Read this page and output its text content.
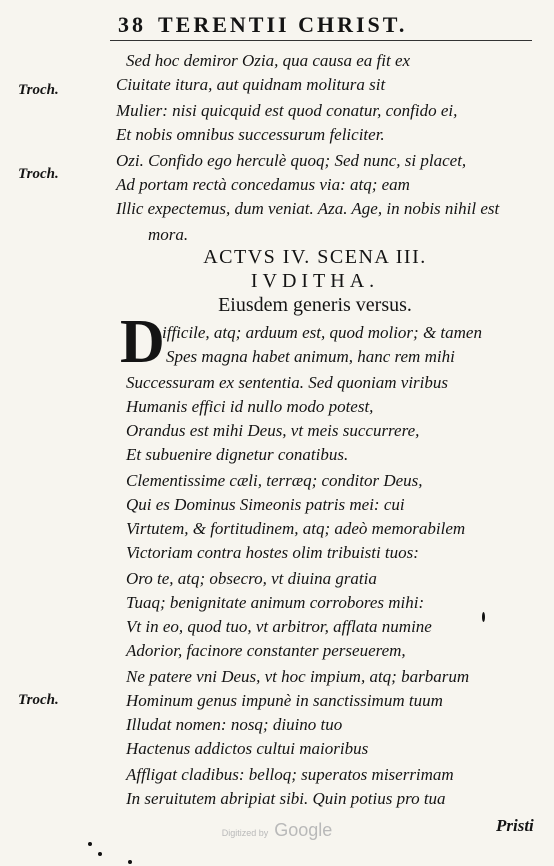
38 TERENTII CHRIST.
Troch.
Troch.
Troch.
Sed hoc demiror Ozia, qua causa ea fit ex
Ciuitate itura, aut quidnam molitura sit
Mulier: nisi quicquid est quod conatur, confido ei,
Et nobis omnibus successurum feliciter.
Ozi. Confido ego herculè quoq; Sed nunc, si placet,
Ad portam rectà concedamus via: atq; eam
Illic expectemus, dum veniat. Aza. Age, in nobis nihil est
mora.
ACTVS IV. SCENA III.
IVDITHA.
Eiusdem generis versus.
D
ifficile, atq; arduum est, quod molior; & tamen
Spes magna habet animum, hanc rem mihi
Successuram ex sententia. Sed quoniam viribus
Humanis effici id nullo modo potest,
Orandus est mihi Deus, vt meis succurrere,
Et subuenire dignetur conatibus.
Clementissime cæli, terræq; conditor Deus,
Qui es Dominus Simeonis patris mei: cui
Virtutem, & fortitudinem, atq; adeò memorabilem
Victoriam contra hostes olim tribuisti tuos:
Oro te, atq; obsecro, vt diuina gratia
Tuaq; benignitate animum corrobores mihi:
Vt in eo, quod tuo, vt arbitror, afflata numine
Adorior, facinore constanter perseuerem,
Ne patere vni Deus, vt hoc impium, atq; barbarum
Hominum genus impunè in sanctissimum tuum
Illudat nomen: nosq; diuino tuo
Hactenus addictos cultui maioribus
Affligat cladibus: belloq; superatos miserrimam
In seruitutem abripiat sibi. Quin potius pro tua
Pristi
Digitized by Google
